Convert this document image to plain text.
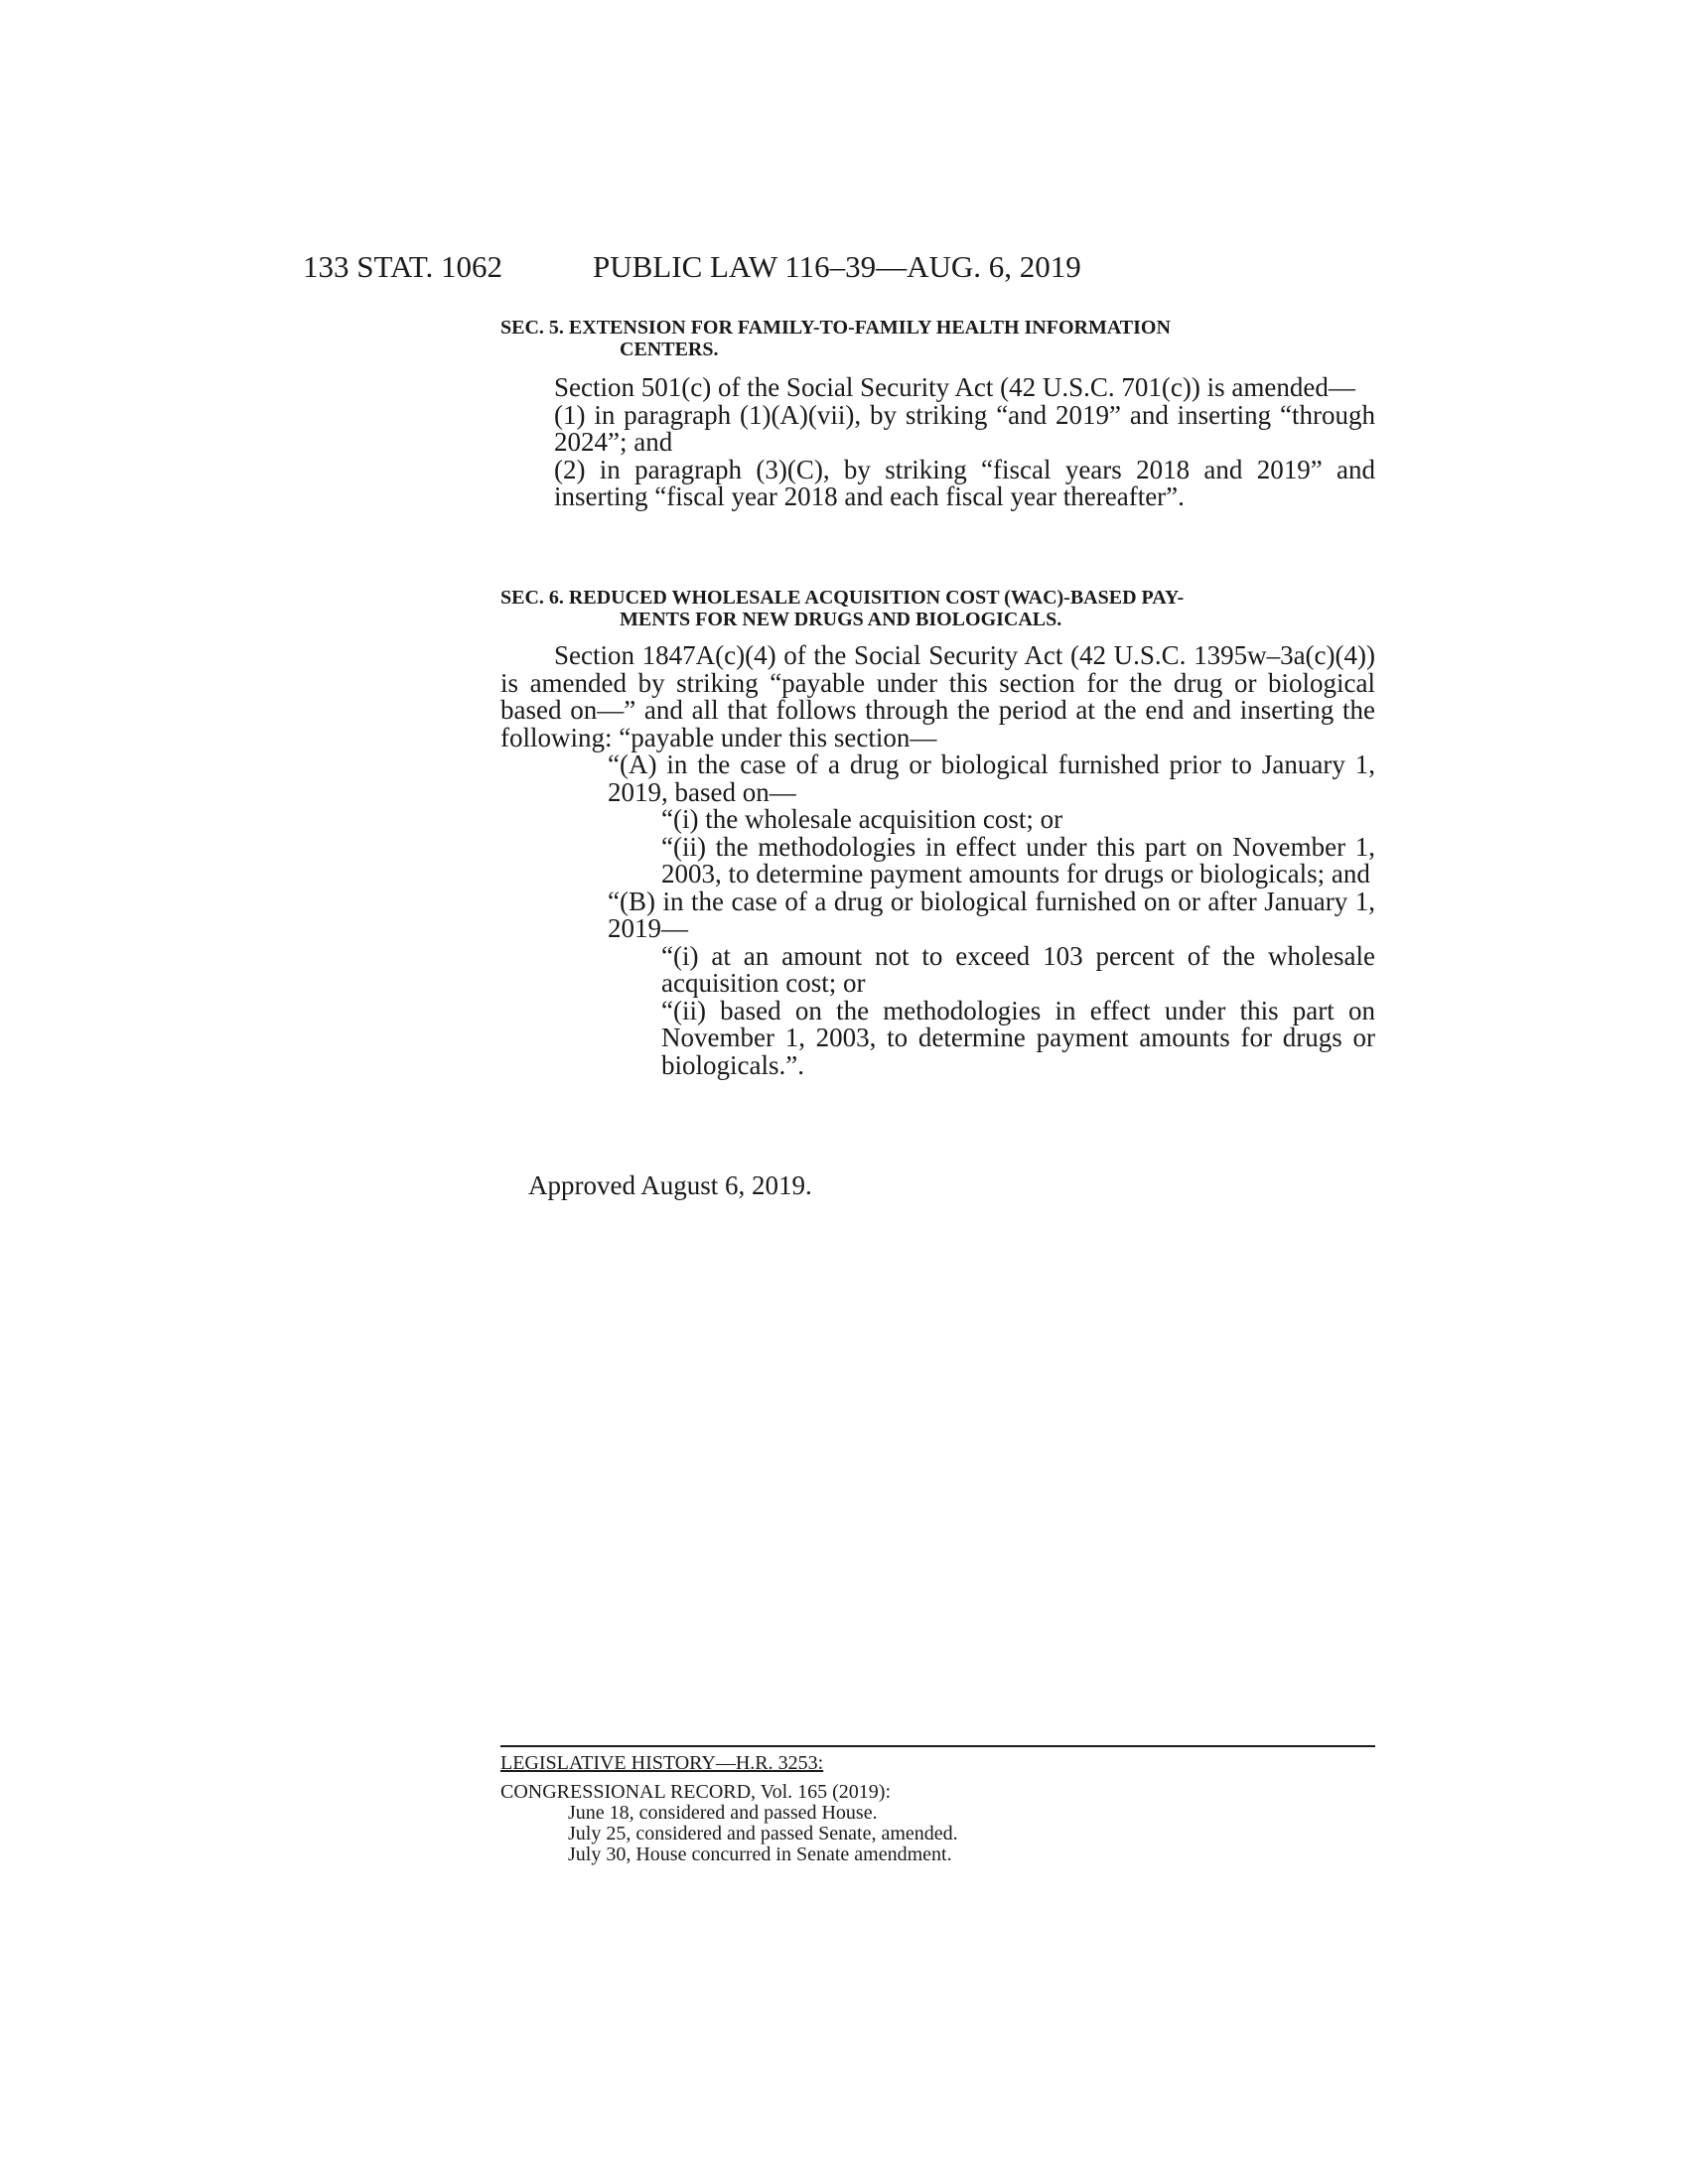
133 STAT. 1062	PUBLIC LAW 116–39—AUG. 6, 2019
SEC. 5. EXTENSION FOR FAMILY-TO-FAMILY HEALTH INFORMATION
CENTERS.
Section 501(c) of the Social Security Act (42 U.S.C. 701(c)) is amended—
(1) in paragraph (1)(A)(vii), by striking “and 2019” and inserting “through 2024”; and
(2) in paragraph (3)(C), by striking “fiscal years 2018 and 2019” and inserting “fiscal year 2018 and each fiscal year thereafter”.
SEC. 6. REDUCED WHOLESALE ACQUISITION COST (WAC)-BASED PAY-
MENTS FOR NEW DRUGS AND BIOLOGICALS.
Section 1847A(c)(4) of the Social Security Act (42 U.S.C. 1395w–3a(c)(4)) is amended by striking “payable under this section for the drug or biological based on—” and all that follows through the period at the end and inserting the following: “payable under this section—
“(A) in the case of a drug or biological furnished prior to January 1, 2019, based on—
“(i) the wholesale acquisition cost; or
“(ii) the methodologies in effect under this part on November 1, 2003, to determine payment amounts for drugs or biologicals; and
“(B) in the case of a drug or biological furnished on or after January 1, 2019—
“(i) at an amount not to exceed 103 percent of the wholesale acquisition cost; or
“(ii) based on the methodologies in effect under this part on November 1, 2003, to determine payment amounts for drugs or biologicals.”.
Approved August 6, 2019.
LEGISLATIVE HISTORY—H.R. 3253:
CONGRESSIONAL RECORD, Vol. 165 (2019):
June 18, considered and passed House.
July 25, considered and passed Senate, amended.
July 30, House concurred in Senate amendment.
